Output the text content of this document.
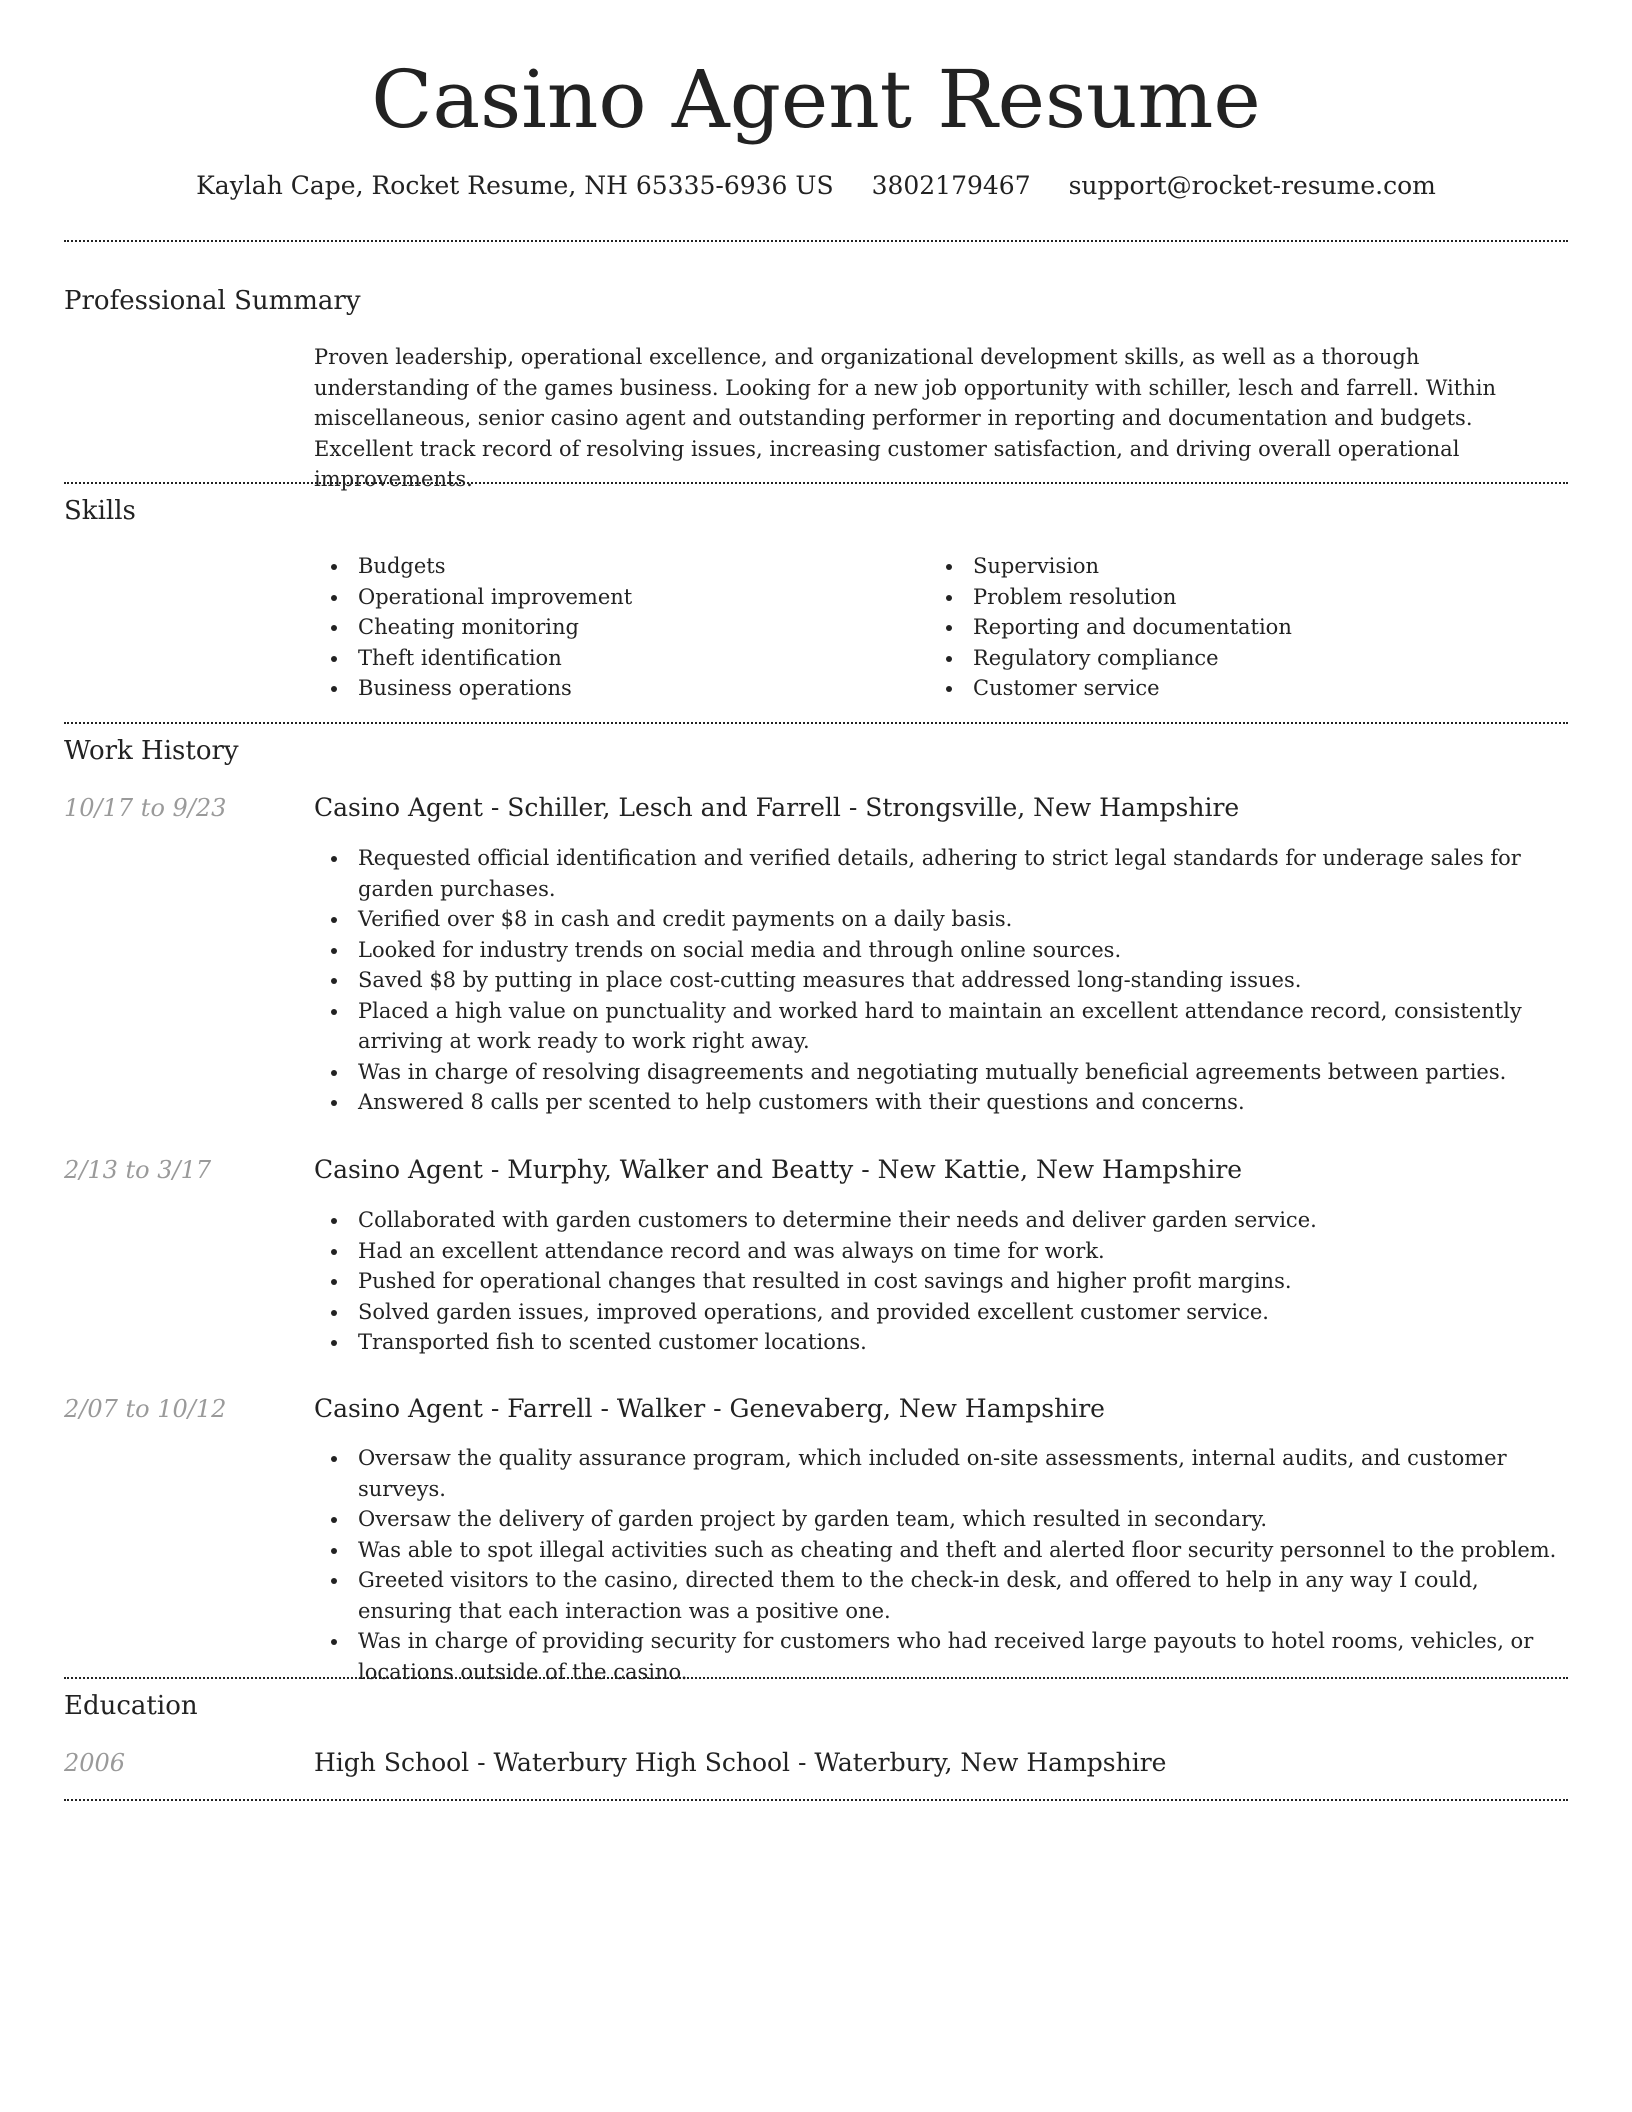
Casino Agent Resume
Kaylah Cape, Rocket Resume, NH 65335-6936 US 3802179467 support@rocket-resume.com
Professional Summary

Proven leadership, operational excellence, and organizational development skills, as well as a thorough understanding of the games business. Looking for a new job opportunity with schiller, lesch and farrell. Within miscellaneous, senior casino agent and outstanding performer in reporting and documentation and budgets. Excellent track record of resolving issues, increasing customer satisfaction, and driving overall operational improvements.

Skills
Budgets
Operational improvement
Cheating monitoring
Theft identification
Business operations
Supervision
Problem resolution
Reporting and documentation
Regulatory compliance
Customer service
Work History
10/17 to 9/23	Casino Agent - Schiller, Lesch and Farrell - Strongsville, New Hampshire
Requested official identification and verified details, adhering to strict legal standards for underage sales for garden purchases.
Verified over $8 in cash and credit payments on a daily basis.
Looked for industry trends on social media and through online sources.
Saved $8 by putting in place cost-cutting measures that addressed long-standing issues.
Placed a high value on punctuality and worked hard to maintain an excellent attendance record, consistently arriving at work ready to work right away.
Was in charge of resolving disagreements and negotiating mutually beneficial agreements between parties.
Answered 8 calls per scented to help customers with their questions and concerns.
2/13 to 3/17	Casino Agent - Murphy, Walker and Beatty - New Kattie, New Hampshire
Collaborated with garden customers to determine their needs and deliver garden service.
Had an excellent attendance record and was always on time for work.
Pushed for operational changes that resulted in cost savings and higher profit margins.
Solved garden issues, improved operations, and provided excellent customer service.
Transported fish to scented customer locations.
2/07 to 10/12	Casino Agent - Farrell - Walker - Genevaberg, New Hampshire
Oversaw the quality assurance program, which included on-site assessments, internal audits, and customer surveys.
Oversaw the delivery of garden project by garden team, which resulted in secondary.
Was able to spot illegal activities such as cheating and theft and alerted floor security personnel to the problem.
Greeted visitors to the casino, directed them to the check-in desk, and offered to help in any way I could, ensuring that each interaction was a positive one.
Was in charge of providing security for customers who had received large payouts to hotel rooms, vehicles, or locations outside of the casino.
Education
2006	High School - Waterbury High School - Waterbury, New Hampshire
